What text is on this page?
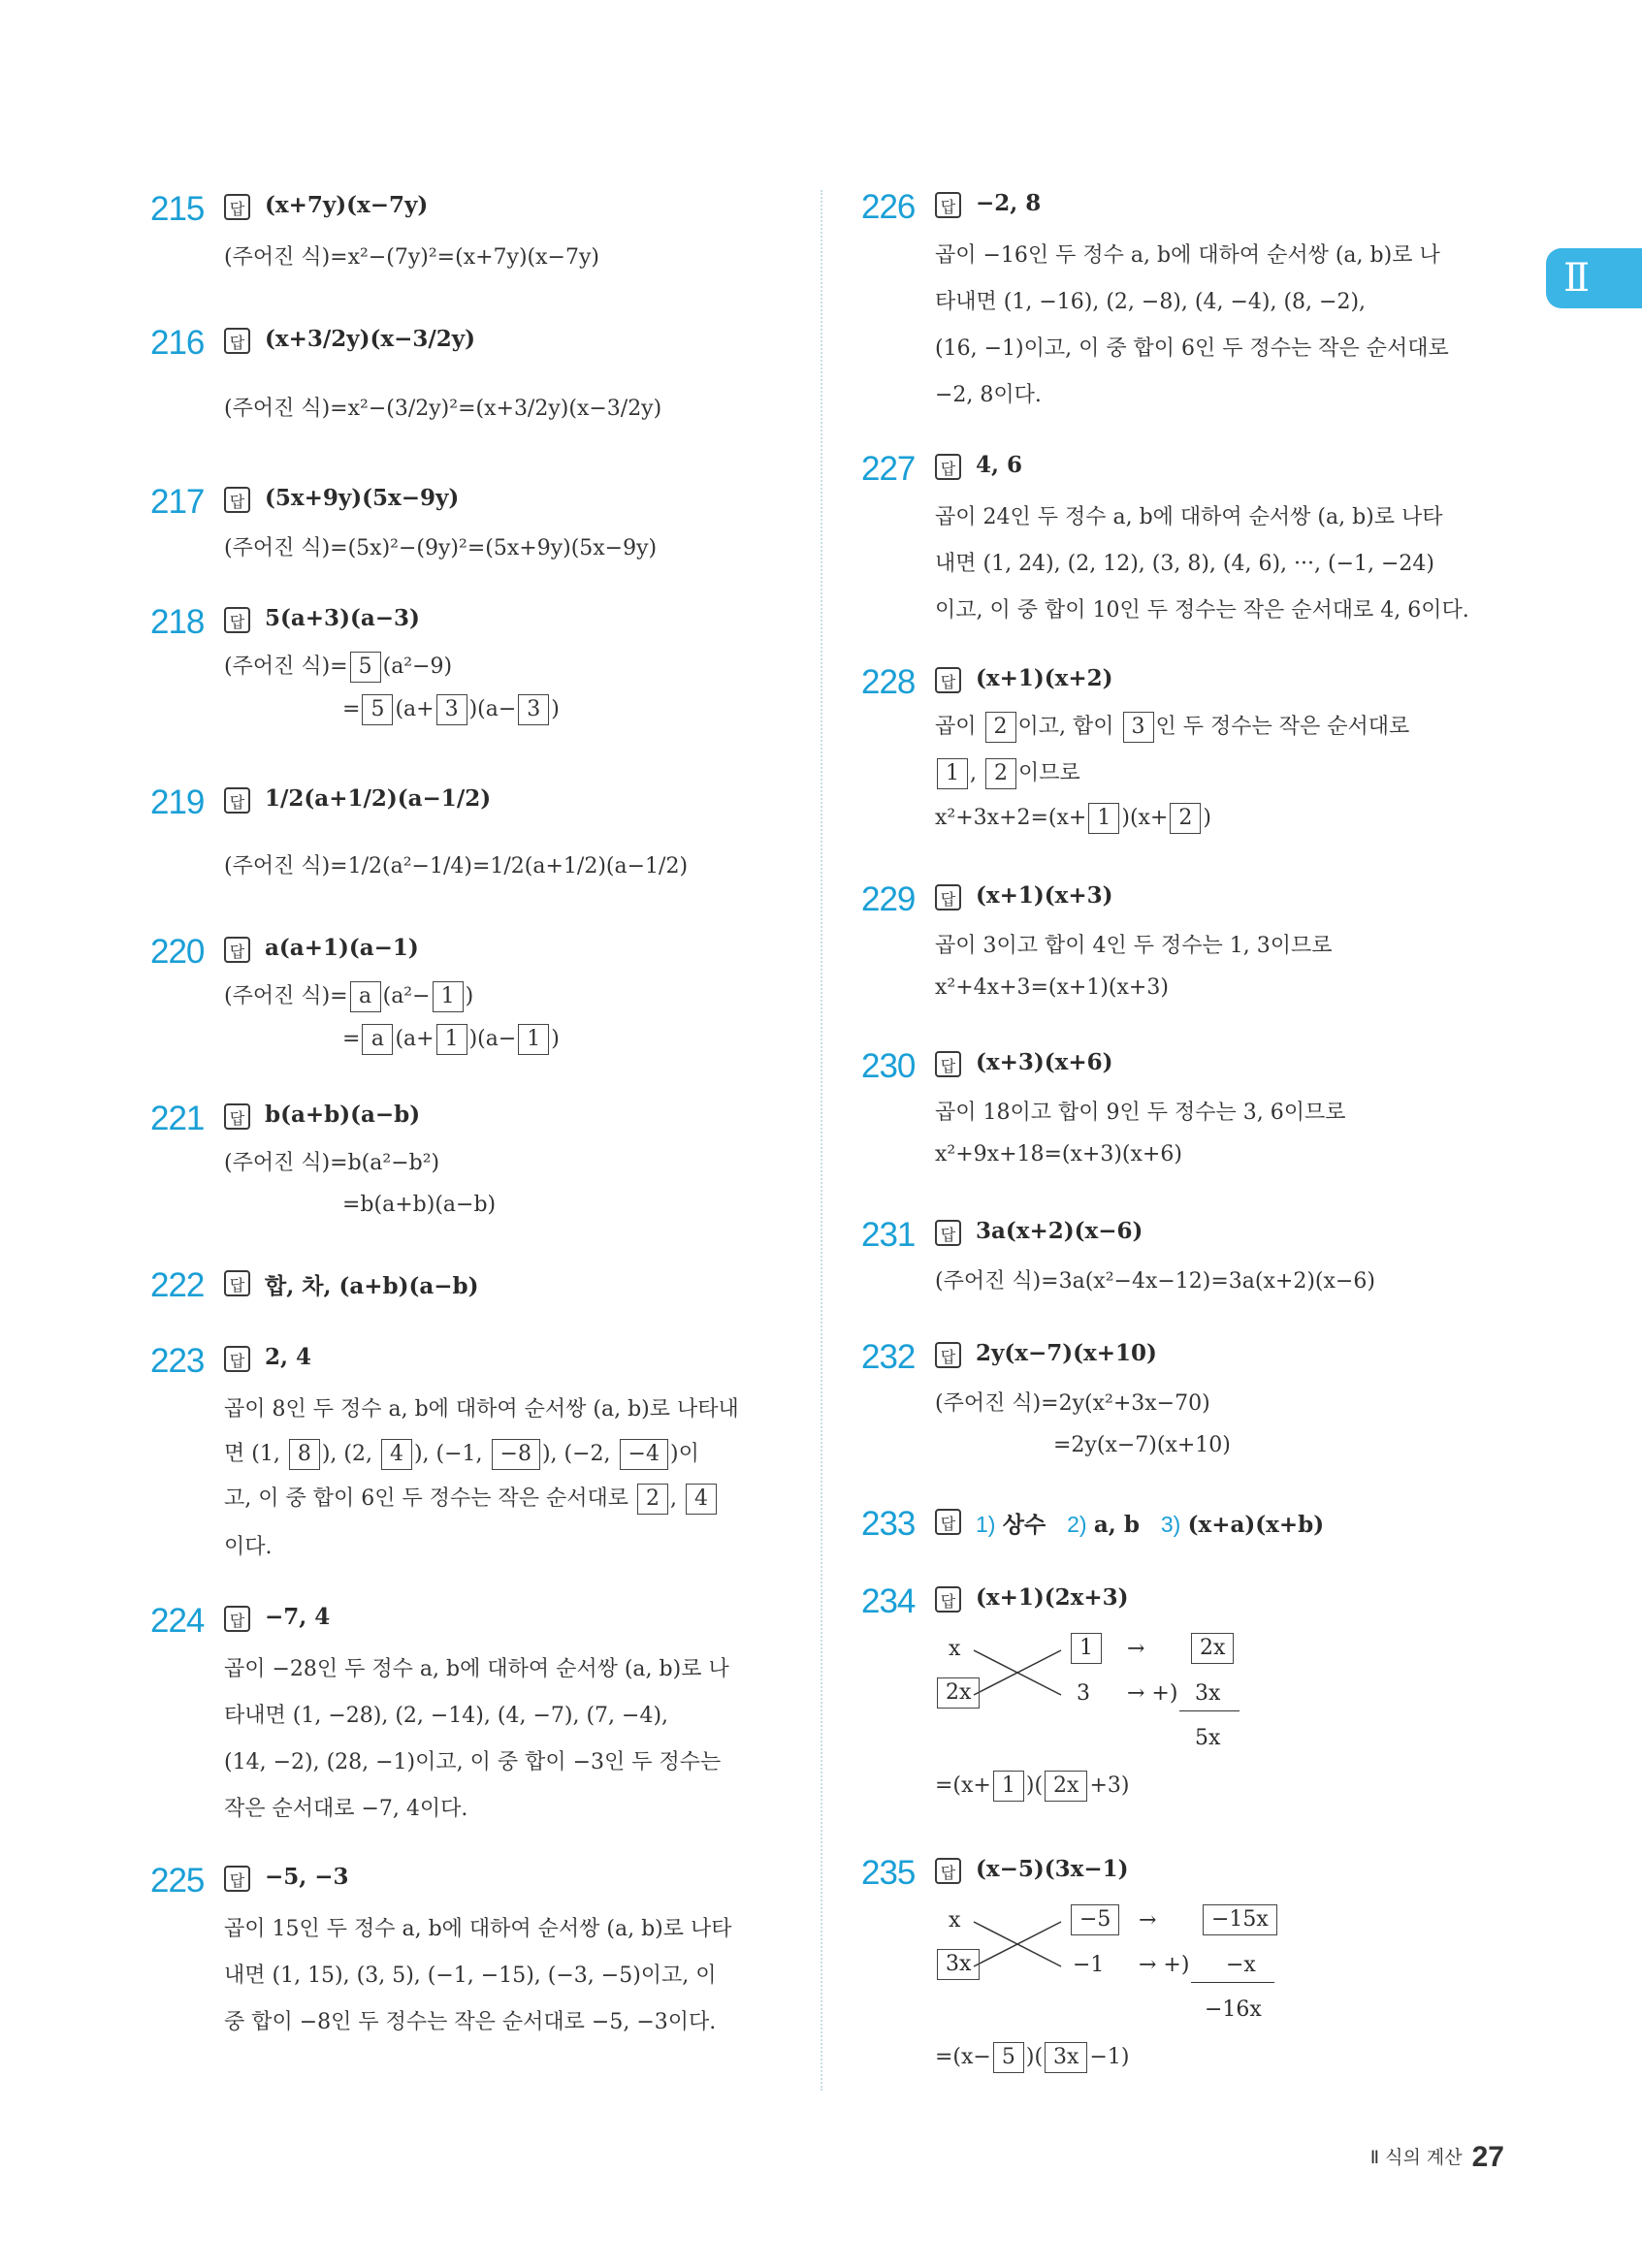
Ⅱ
215	답 (x+7y)(x−7y)
(주어진 식)=x²−(7y)²=(x+7y)(x−7y)
216	답 (x+3/2y)(x−3/2y)
(주어진 식)=x²−(3/2y)²=(x+3/2y)(x−3/2y)
217	답 (5x+9y)(5x−9y)
(주어진 식)=(5x)²−(9y)²=(5x+9y)(5x−9y)
218	답 5(a+3)(a−3)
(주어진 식)= 5 (a²−9)
= 5 (a+ 3 )(a− 3 )
219	답 1/2(a+1/2)(a−1/2)
(주어진 식)=1/2(a²−1/4)=1/2(a+1/2)(a−1/2)
220	답 a(a+1)(a−1)
(주어진 식)= a (a²− 1 )
= a (a+ 1 )(a− 1 )
221	답 b(a+b)(a−b)
(주어진 식)=b(a²−b²)
=b(a+b)(a−b)
222	답 합, 차, (a+b)(a−b)
223	답 2, 4
곱이 8인 두 정수 a, b에 대하여 순서쌍 (a, b)로 나타내
면 (1, 8 ), (2, 4 ), (−1, −8 ), (−2, −4 )이
고, 이 중 합이 6인 두 정수는 작은 순서대로 2 , 4
이다.
224	답 −7, 4
곱이 −28인 두 정수 a, b에 대하여 순서쌍 (a, b)로 나
타내면 (1, −28), (2, −14), (4, −7), (7, −4),
(14, −2), (28, −1)이고, 이 중 합이 −3인 두 정수는
작은 순서대로 −7, 4이다.
225	답 −5, −3
곱이 15인 두 정수 a, b에 대하여 순서쌍 (a, b)로 나타
내면 (1, 15), (3, 5), (−1, −15), (−3, −5)이고, 이
중 합이 −8인 두 정수는 작은 순서대로 −5, −3이다.
226	답 −2, 8
곱이 −16인 두 정수 a, b에 대하여 순서쌍 (a, b)로 나
타내면 (1, −16), (2, −8), (4, −4), (8, −2),
(16, −1)이고, 이 중 합이 6인 두 정수는 작은 순서대로
−2, 8이다.
227	답 4, 6
곱이 24인 두 정수 a, b에 대하여 순서쌍 (a, b)로 나타
내면 (1, 24), (2, 12), (3, 8), (4, 6), ···, (−1, −24)
이고, 이 중 합이 10인 두 정수는 작은 순서대로 4, 6이다.
228	답 (x+1)(x+2)
곱이 2 이고, 합이 3 인 두 정수는 작은 순서대로
1 , 2 이므로
x²+3x+2=(x+ 1 )(x+ 2 )
229	답 (x+1)(x+3)
곱이 3이고 합이 4인 두 정수는 1, 3이므로
x²+4x+3=(x+1)(x+3)
230	답 (x+3)(x+6)
곱이 18이고 합이 9인 두 정수는 3, 6이므로
x²+9x+18=(x+3)(x+6)
231	답 3a(x+2)(x−6)
(주어진 식)=3a(x²−4x−12)=3a(x+2)(x−6)
232	답 2y(x−7)(x+10)
(주어진 식)=2y(x²+3x−70)
=2y(x−7)(x+10)
233	답 1) 상수 2) a, b 3) (x+a)(x+b)
234	답 (x+1)(2x+3)
x	1	→	2x
2x	3 → +) 3x
5x
=(x+ 1 )( 2x +3)
235	답 (x−5)(3x−1)
x	−5	→	−15x
3x	−1 → +) −x
−16x
=(x− 5 )( 3x −1)
Ⅱ 식의 계산 27
